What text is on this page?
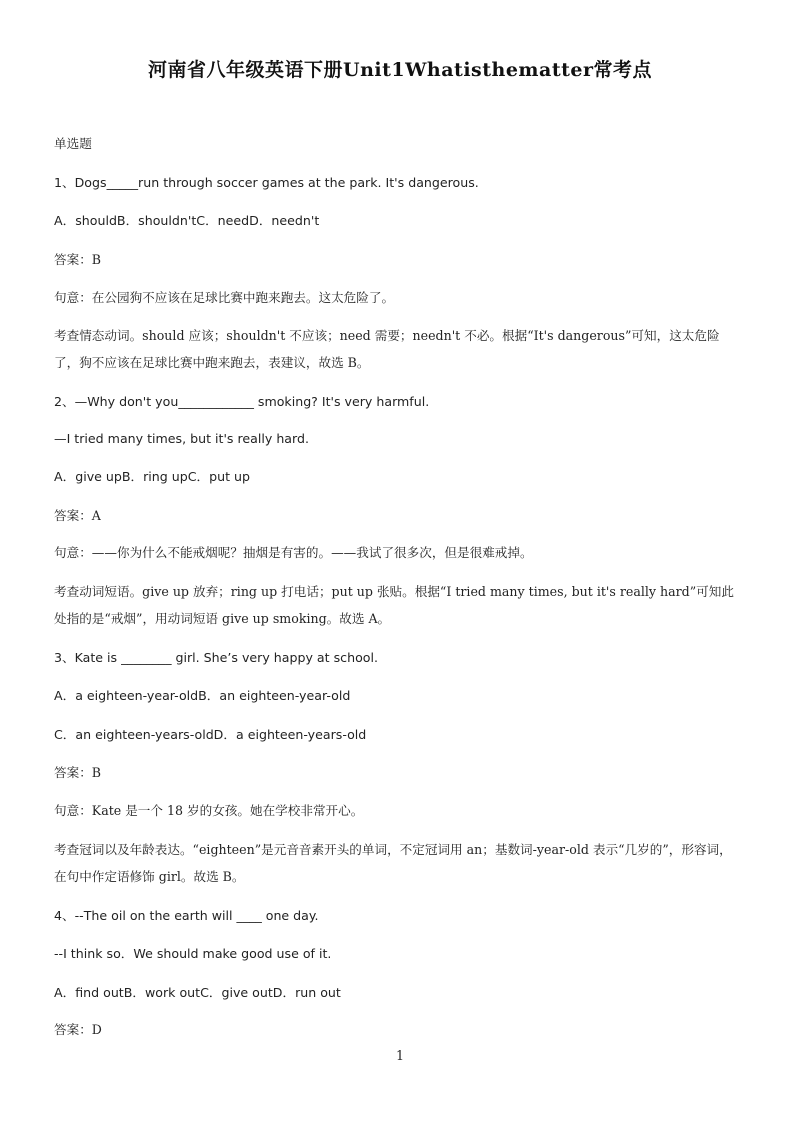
河南省八年级英语下册Unit1Whatisthematter常考点
单选题
1、Dogs_____run through soccer games at the park. It's dangerous.
A．shouldB．shouldn'tC．needD．needn't
答案：B
句意：在公园狗不应该在足球比赛中跑来跑去。这太危险了。
考查情态动词。should 应该；shouldn't 不应该；need 需要；needn't 不必。根据“It's dangerous”可知，这太危险了，狗不应该在足球比赛中跑来跑去，表建议，故选 B。
2、—Why don't you____________ smoking? It's very harmful.
—I tried many times, but it's really hard.
A．give upB．ring upC．put up
答案：A
句意：——你为什么不能戒烟呢？抽烟是有害的。——我试了很多次，但是很难戒掉。
考查动词短语。give up 放弃；ring up 打电话；put up 张贴。根据“I tried many times, but it's really hard”可知此处指的是“戒烟”，用动词短语 give up smoking。故选 A。
3、Kate is ________ girl. She’s very happy at school.
A．a eighteen-year-oldB．an eighteen-year-old
C．an eighteen-years-oldD．a eighteen-years-old
答案：B
句意：Kate 是一个 18 岁的女孩。她在学校非常开心。
考查冠词以及年龄表达。“eighteen”是元音音素开头的单词，不定冠词用 an；基数词-year-old 表示“几岁的”，形容词，在句中作定语修饰 girl。故选 B。
4、--The oil on the earth will ____ one day.
--I think so．We should make good use of it.
A．find outB．work outC．give outD．run out
答案：D
1
